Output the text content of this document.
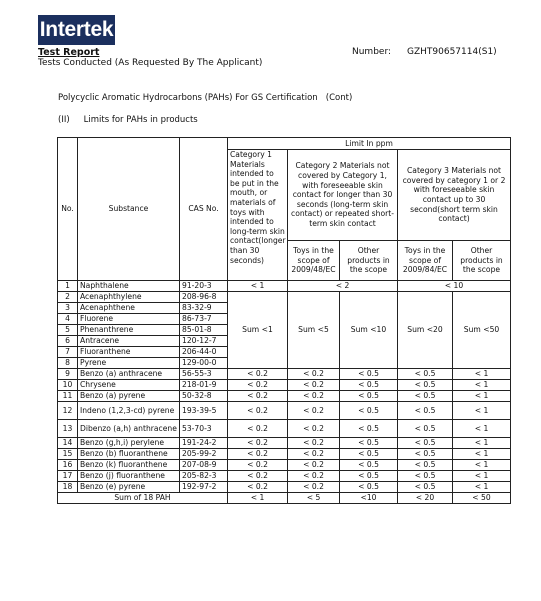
Intertek
Test Report
Tests Conducted (As Requested By The Applicant)
Number: GZHT90657114(S1)
Polycyclic Aromatic Hydrocarbons (PAHs) For GS Certification   (Cont)
(II) Limits for PAHs in products
No.	Substance	CAS No.	Limit In ppm				
			Category 1 Materials intended to be put in the mouth, or materials of toys with intended to long-term skin contact(longer than 30 seconds)	Category 2 Materials not covered by Category 1, with foreseeable skin contact for longer than 30 seconds (long-term skin contact) or repeated short-term skin contact		Category 3 Materials not covered by category 1 or 2 with foreseeable skin contact up to 30 second(short term skin contact)	
				Toys in the scope of 2009/48/EC	Other products in the scope	Toys in the scope of 2009/84/EC	Other products in the scope
1	Naphthalene	91-20-3	< 1	< 2		< 10	
2	Acenaphthylene	208-96-8	Sum <1	Sum <5	Sum <10	Sum <20	Sum <50
3	Acenaphthene	83-32-9					
4	Fluorene	86-73-7					
5	Phenanthrene	85-01-8					
6	Antracene	120-12-7					
7	Fluoranthene	206-44-0					
8	Pyrene	129-00-0					
9	Benzo (a) anthracene	56-55-3	< 0.2	< 0.2	< 0.5	< 0.5	< 1
10	Chrysene	218-01-9	< 0.2	< 0.2	< 0.5	< 0.5	< 1
11	Benzo (a) pyrene	50-32-8	< 0.2	< 0.2	< 0.5	< 0.5	< 1
12	Indeno (1,2,3-cd) pyrene	193-39-5	< 0.2	< 0.2	< 0.5	< 0.5	< 1
13	Dibenzo (a,h) anthracene	53-70-3	< 0.2	< 0.2	< 0.5	< 0.5	< 1
14	Benzo (g,h,i) perylene	191-24-2	< 0.2	< 0.2	< 0.5	< 0.5	< 1
15	Benzo (b) fluoranthene	205-99-2	< 0.2	< 0.2	< 0.5	< 0.5	< 1
16	Benzo (k) fluoranthene	207-08-9	< 0.2	< 0.2	< 0.5	< 0.5	< 1
17	Benzo (j) fluoranthene	205-82-3	< 0.2	< 0.2	< 0.5	< 0.5	< 1
18	Benzo (e) pyrene	192-97-2	< 0.2	< 0.2	< 0.5	< 0.5	< 1
Sum of 18 PAH			< 1	< 5	<10	< 20	< 50
